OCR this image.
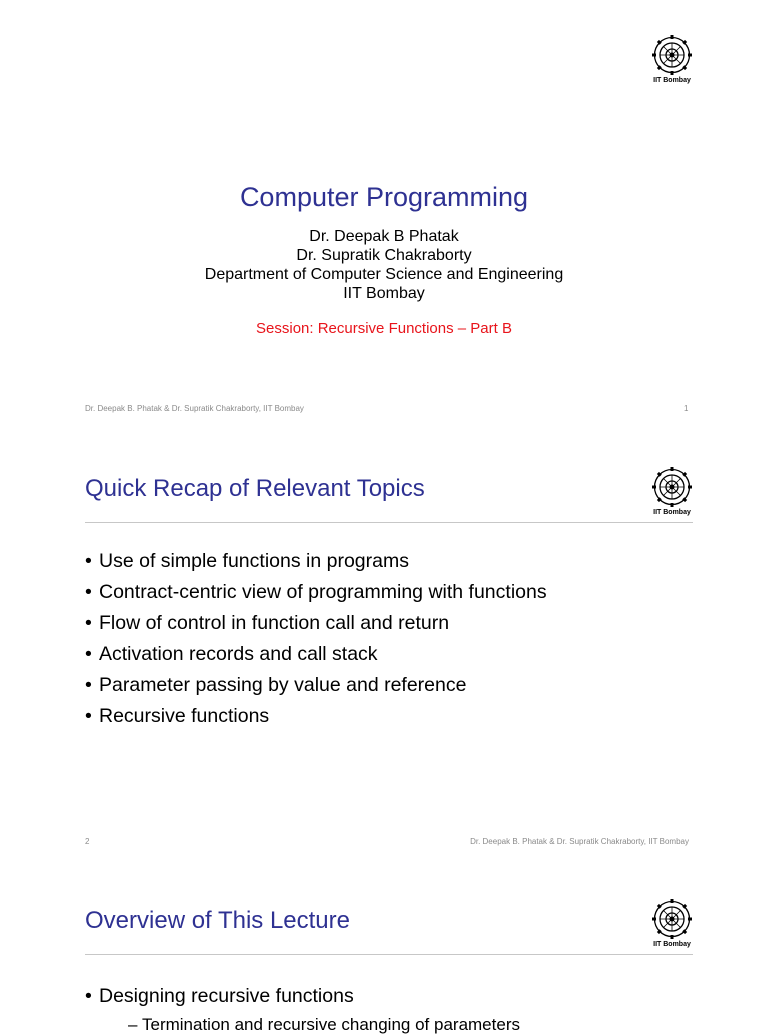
IIT Bombay
Computer Programming
Dr. Deepak B Phatak
Dr. Supratik Chakraborty
Department of Computer Science and Engineering
IIT Bombay
Session: Recursive Functions – Part B
Dr. Deepak B. Phatak & Dr. Supratik Chakraborty, IIT Bombay	1
Quick Recap of Relevant Topics
IIT Bombay
• Use of simple functions in programs
• Contract-centric view of programming with functions
• Flow of control in function call and return
• Activation records and call stack
• Parameter passing by value and reference
• Recursive functions
2	Dr. Deepak B. Phatak & Dr. Supratik Chakraborty, IIT Bombay
Overview of This Lecture
IIT Bombay
• Designing recursive functions
– Termination and recursive changing of parameters
